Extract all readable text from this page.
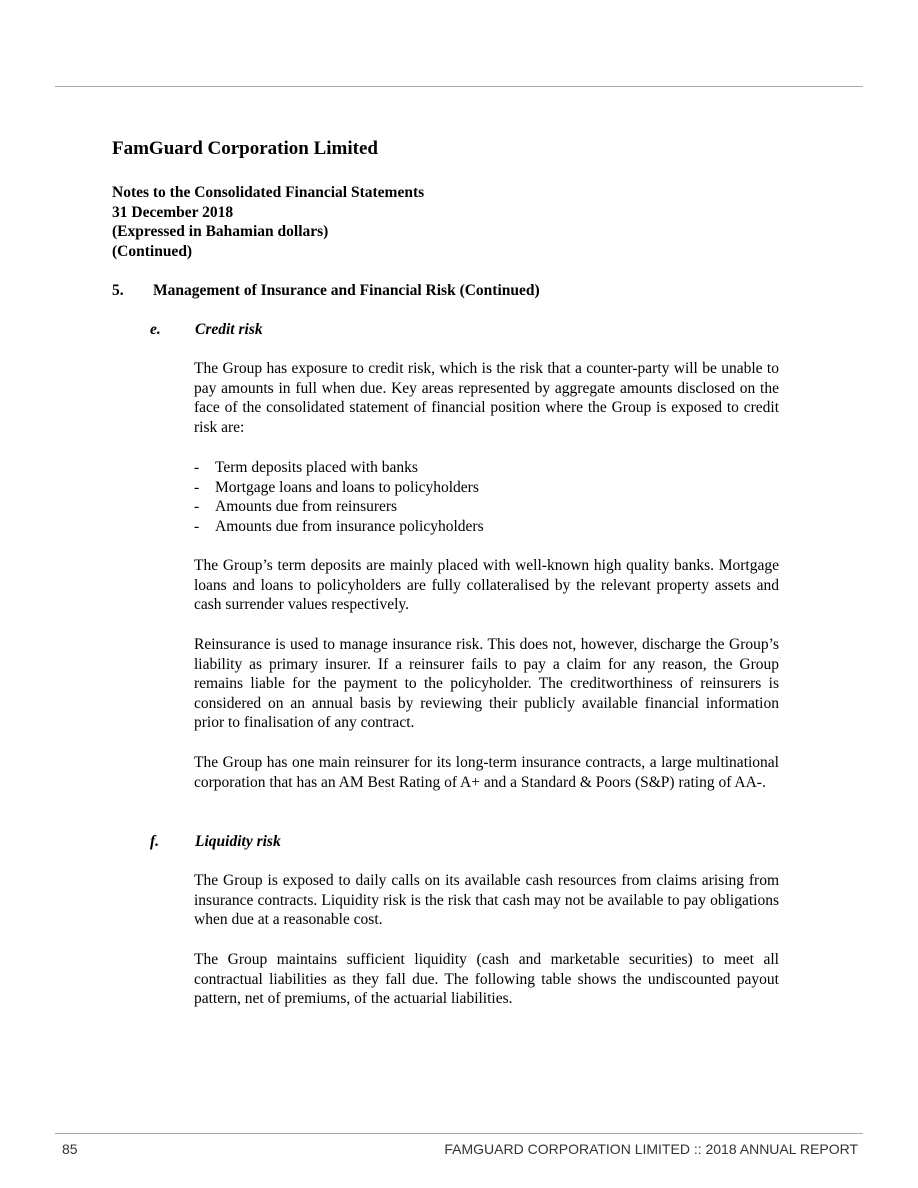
FamGuard Corporation Limited
Notes to the Consolidated Financial Statements
31 December 2018
(Expressed in Bahamian dollars)
(Continued)
5. Management of Insurance and Financial Risk (Continued)
e. Credit risk

The Group has exposure to credit risk, which is the risk that a counter-party will be unable to pay amounts in full when due. Key areas represented by aggregate amounts disclosed on the face of the consolidated statement of financial position where the Group is exposed to credit risk are:

- Term deposits placed with banks
- Mortgage loans and loans to policyholders
- Amounts due from reinsurers
- Amounts due from insurance policyholders

The Group’s term deposits are mainly placed with well-known high quality banks. Mortgage loans and loans to policyholders are fully collateralised by the relevant property assets and cash surrender values respectively.

Reinsurance is used to manage insurance risk. This does not, however, discharge the Group’s liability as primary insurer. If a reinsurer fails to pay a claim for any reason, the Group remains liable for the payment to the policyholder. The creditworthiness of reinsurers is considered on an annual basis by reviewing their publicly available financial information prior to finalisation of any contract.

The Group has one main reinsurer for its long-term insurance contracts, a large multinational corporation that has an AM Best Rating of A+ and a Standard & Poors (S&P) rating of AA-.

f. Liquidity risk

The Group is exposed to daily calls on its available cash resources from claims arising from insurance contracts. Liquidity risk is the risk that cash may not be available to pay obligations when due at a reasonable cost.

The Group maintains sufficient liquidity (cash and marketable securities) to meet all contractual liabilities as they fall due. The following table shows the undiscounted payout pattern, net of premiums, of the actuarial liabilities.

85	FAMGUARD CORPORATION LIMITED :: 2018 ANNUAL REPORT
